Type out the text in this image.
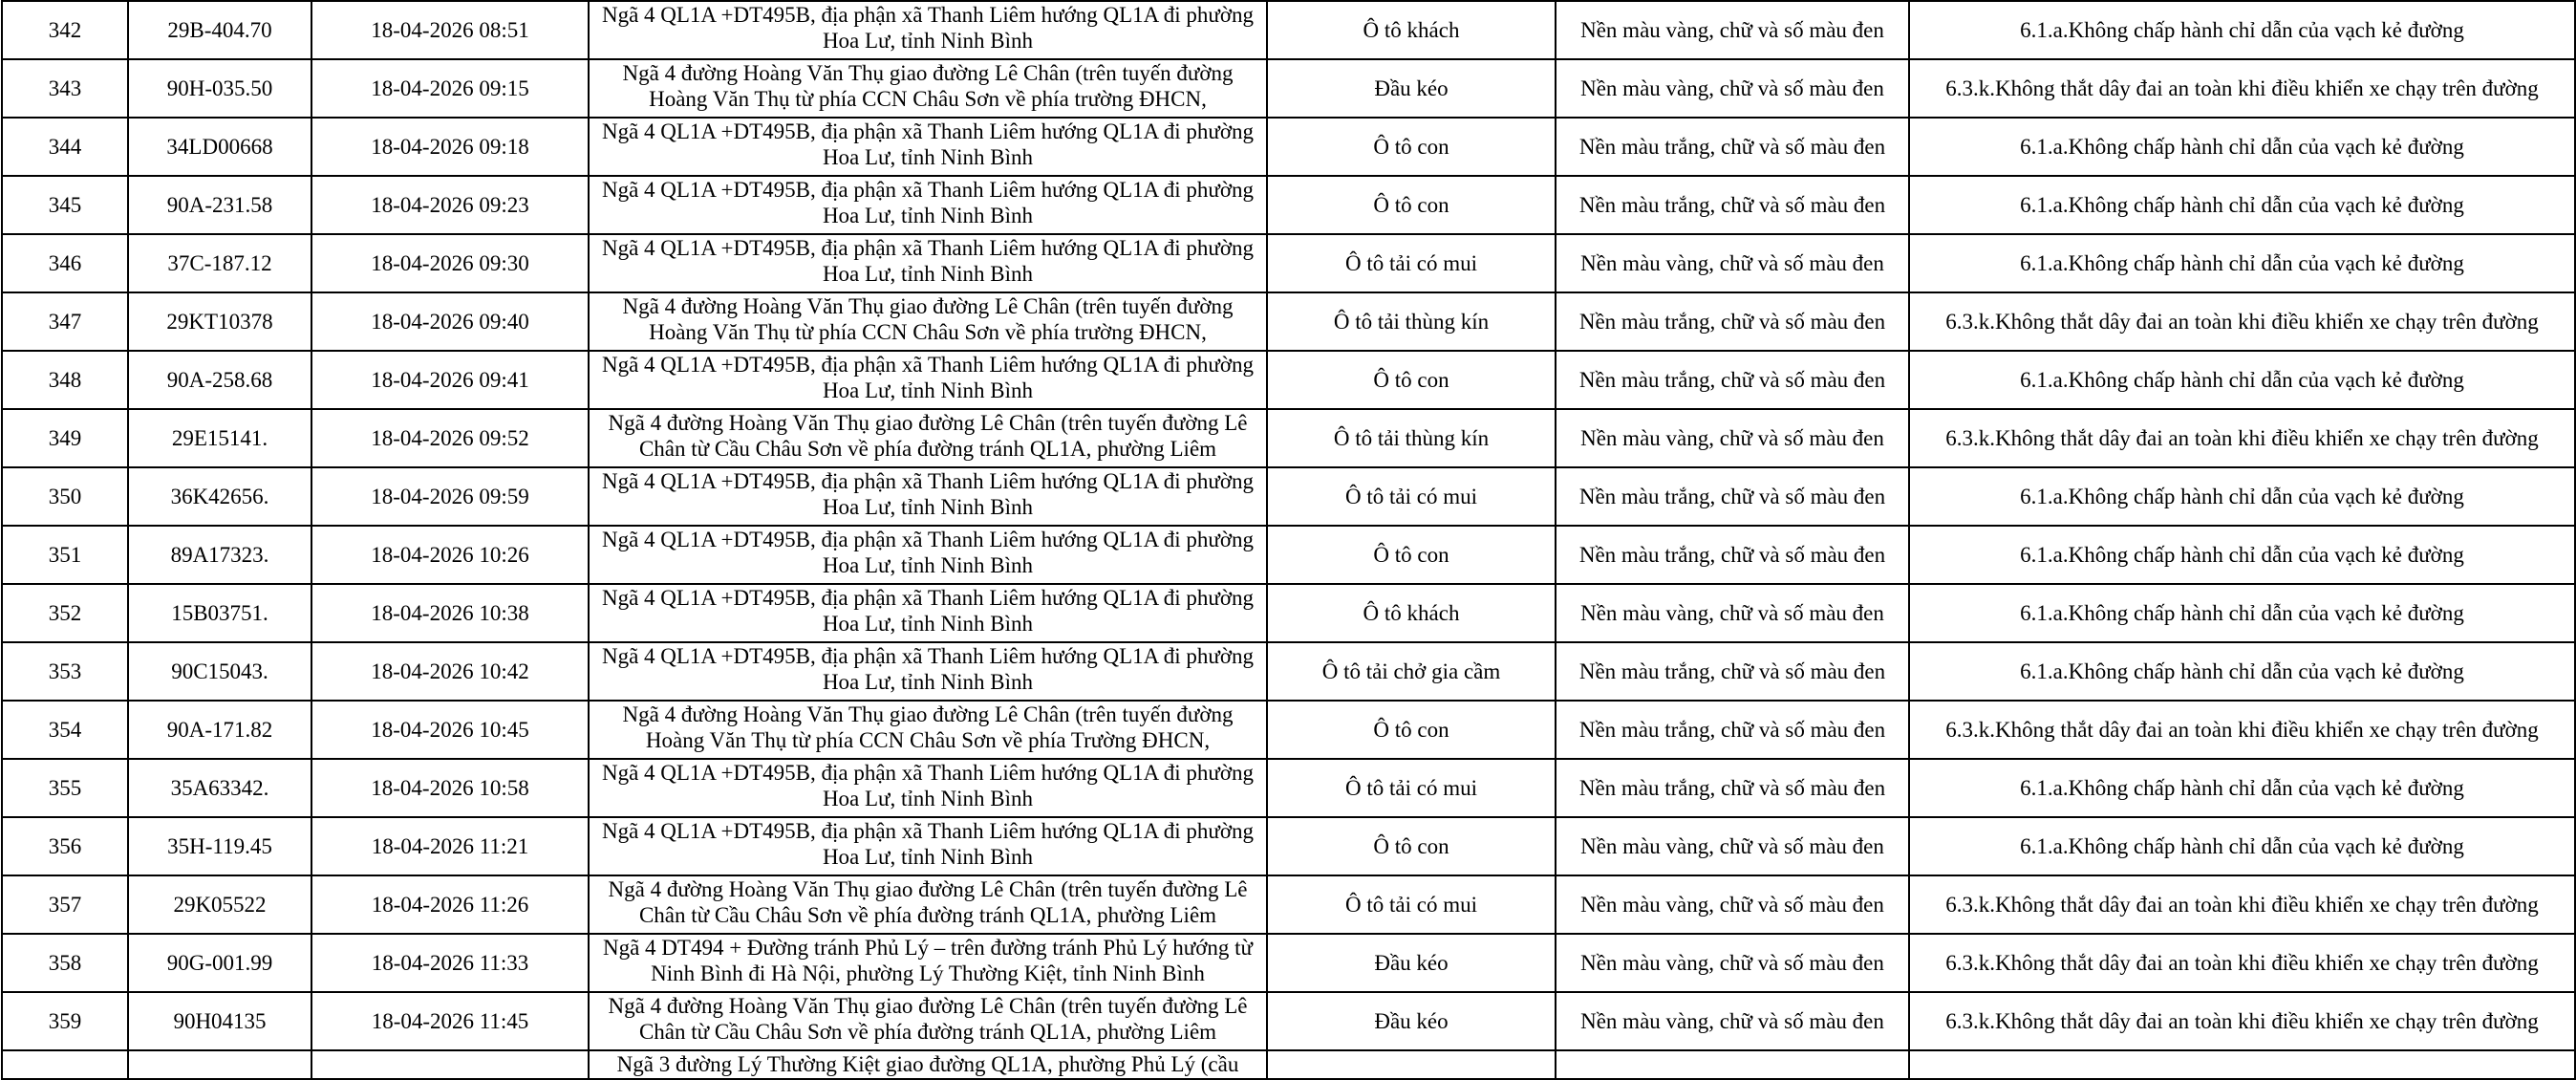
342	29B-404.70	18-04-2026 08:51	Ngã 4 QL1A +DT495B, địa phận xã Thanh Liêm hướng QL1A đi phường Hoa Lư, tỉnh Ninh Bình	Ô tô khách	Nền màu vàng, chữ và số màu đen	6.1.a.Không chấp hành chỉ dẫn của vạch kẻ đường
343	90H-035.50	18-04-2026 09:15	Ngã 4 đường Hoàng Văn Thụ giao đường Lê Chân (trên tuyến đường Hoàng Văn Thụ từ phía CCN Châu Sơn về phía trường ĐHCN,	Đầu kéo	Nền màu vàng, chữ và số màu đen	6.3.k.Không thắt dây đai an toàn khi điều khiển xe chạy trên đường
344	34LD00668	18-04-2026 09:18	Ngã 4 QL1A +DT495B, địa phận xã Thanh Liêm hướng QL1A đi phường Hoa Lư, tỉnh Ninh Bình	Ô tô con	Nền màu trắng, chữ và số màu đen	6.1.a.Không chấp hành chỉ dẫn của vạch kẻ đường
345	90A-231.58	18-04-2026 09:23	Ngã 4 QL1A +DT495B, địa phận xã Thanh Liêm hướng QL1A đi phường Hoa Lư, tỉnh Ninh Bình	Ô tô con	Nền màu trắng, chữ và số màu đen	6.1.a.Không chấp hành chỉ dẫn của vạch kẻ đường
346	37C-187.12	18-04-2026 09:30	Ngã 4 QL1A +DT495B, địa phận xã Thanh Liêm hướng QL1A đi phường Hoa Lư, tỉnh Ninh Bình	Ô tô tải có mui	Nền màu vàng, chữ và số màu đen	6.1.a.Không chấp hành chỉ dẫn của vạch kẻ đường
347	29KT10378	18-04-2026 09:40	Ngã 4 đường Hoàng Văn Thụ giao đường Lê Chân (trên tuyến đường Hoàng Văn Thụ từ phía CCN Châu Sơn về phía trường ĐHCN,	Ô tô tải thùng kín	Nền màu trắng, chữ và số màu đen	6.3.k.Không thắt dây đai an toàn khi điều khiển xe chạy trên đường
348	90A-258.68	18-04-2026 09:41	Ngã 4 QL1A +DT495B, địa phận xã Thanh Liêm hướng QL1A đi phường Hoa Lư, tỉnh Ninh Bình	Ô tô con	Nền màu trắng, chữ và số màu đen	6.1.a.Không chấp hành chỉ dẫn của vạch kẻ đường
349	29E15141.	18-04-2026 09:52	Ngã 4 đường Hoàng Văn Thụ giao đường Lê Chân (trên tuyến đường Lê Chân từ Cầu Châu Sơn về phía đường tránh QL1A, phường Liêm	Ô tô tải thùng kín	Nền màu vàng, chữ và số màu đen	6.3.k.Không thắt dây đai an toàn khi điều khiển xe chạy trên đường
350	36K42656.	18-04-2026 09:59	Ngã 4 QL1A +DT495B, địa phận xã Thanh Liêm hướng QL1A đi phường Hoa Lư, tỉnh Ninh Bình	Ô tô tải có mui	Nền màu trắng, chữ và số màu đen	6.1.a.Không chấp hành chỉ dẫn của vạch kẻ đường
351	89A17323.	18-04-2026 10:26	Ngã 4 QL1A +DT495B, địa phận xã Thanh Liêm hướng QL1A đi phường Hoa Lư, tỉnh Ninh Bình	Ô tô con	Nền màu trắng, chữ và số màu đen	6.1.a.Không chấp hành chỉ dẫn của vạch kẻ đường
352	15B03751.	18-04-2026 10:38	Ngã 4 QL1A +DT495B, địa phận xã Thanh Liêm hướng QL1A đi phường Hoa Lư, tỉnh Ninh Bình	Ô tô khách	Nền màu vàng, chữ và số màu đen	6.1.a.Không chấp hành chỉ dẫn của vạch kẻ đường
353	90C15043.	18-04-2026 10:42	Ngã 4 QL1A +DT495B, địa phận xã Thanh Liêm hướng QL1A đi phường Hoa Lư, tỉnh Ninh Bình	Ô tô tải chở gia cầm	Nền màu trắng, chữ và số màu đen	6.1.a.Không chấp hành chỉ dẫn của vạch kẻ đường
354	90A-171.82	18-04-2026 10:45	Ngã 4 đường Hoàng Văn Thụ giao đường Lê Chân (trên tuyến đường Hoàng Văn Thụ từ phía CCN Châu Sơn về phía Trường ĐHCN,	Ô tô con	Nền màu trắng, chữ và số màu đen	6.3.k.Không thắt dây đai an toàn khi điều khiển xe chạy trên đường
355	35A63342.	18-04-2026 10:58	Ngã 4 QL1A +DT495B, địa phận xã Thanh Liêm hướng QL1A đi phường Hoa Lư, tỉnh Ninh Bình	Ô tô tải có mui	Nền màu trắng, chữ và số màu đen	6.1.a.Không chấp hành chỉ dẫn của vạch kẻ đường
356	35H-119.45	18-04-2026 11:21	Ngã 4 QL1A +DT495B, địa phận xã Thanh Liêm hướng QL1A đi phường Hoa Lư, tỉnh Ninh Bình	Ô tô con	Nền màu vàng, chữ và số màu đen	6.1.a.Không chấp hành chỉ dẫn của vạch kẻ đường
357	29K05522	18-04-2026 11:26	Ngã 4 đường Hoàng Văn Thụ giao đường Lê Chân (trên tuyến đường Lê Chân từ Cầu Châu Sơn về phía đường tránh QL1A, phường Liêm	Ô tô tải có mui	Nền màu vàng, chữ và số màu đen	6.3.k.Không thắt dây đai an toàn khi điều khiển xe chạy trên đường
358	90G-001.99	18-04-2026 11:33	Ngã 4 DT494 + Đường tránh Phủ Lý – trên đường tránh Phủ Lý hướng từ Ninh Bình đi Hà Nội, phường Lý Thường Kiệt, tỉnh Ninh Bình	Đầu kéo	Nền màu vàng, chữ và số màu đen	6.3.k.Không thắt dây đai an toàn khi điều khiển xe chạy trên đường
359	90H04135	18-04-2026 11:45	Ngã 4 đường Hoàng Văn Thụ giao đường Lê Chân (trên tuyến đường Lê Chân từ Cầu Châu Sơn về phía đường tránh QL1A, phường Liêm	Đầu kéo	Nền màu vàng, chữ và số màu đen	6.3.k.Không thắt dây đai an toàn khi điều khiển xe chạy trên đường

			Ngã 3 đường Lý Thường Kiệt giao đường QL1A, phường Phủ Lý (cầu			
